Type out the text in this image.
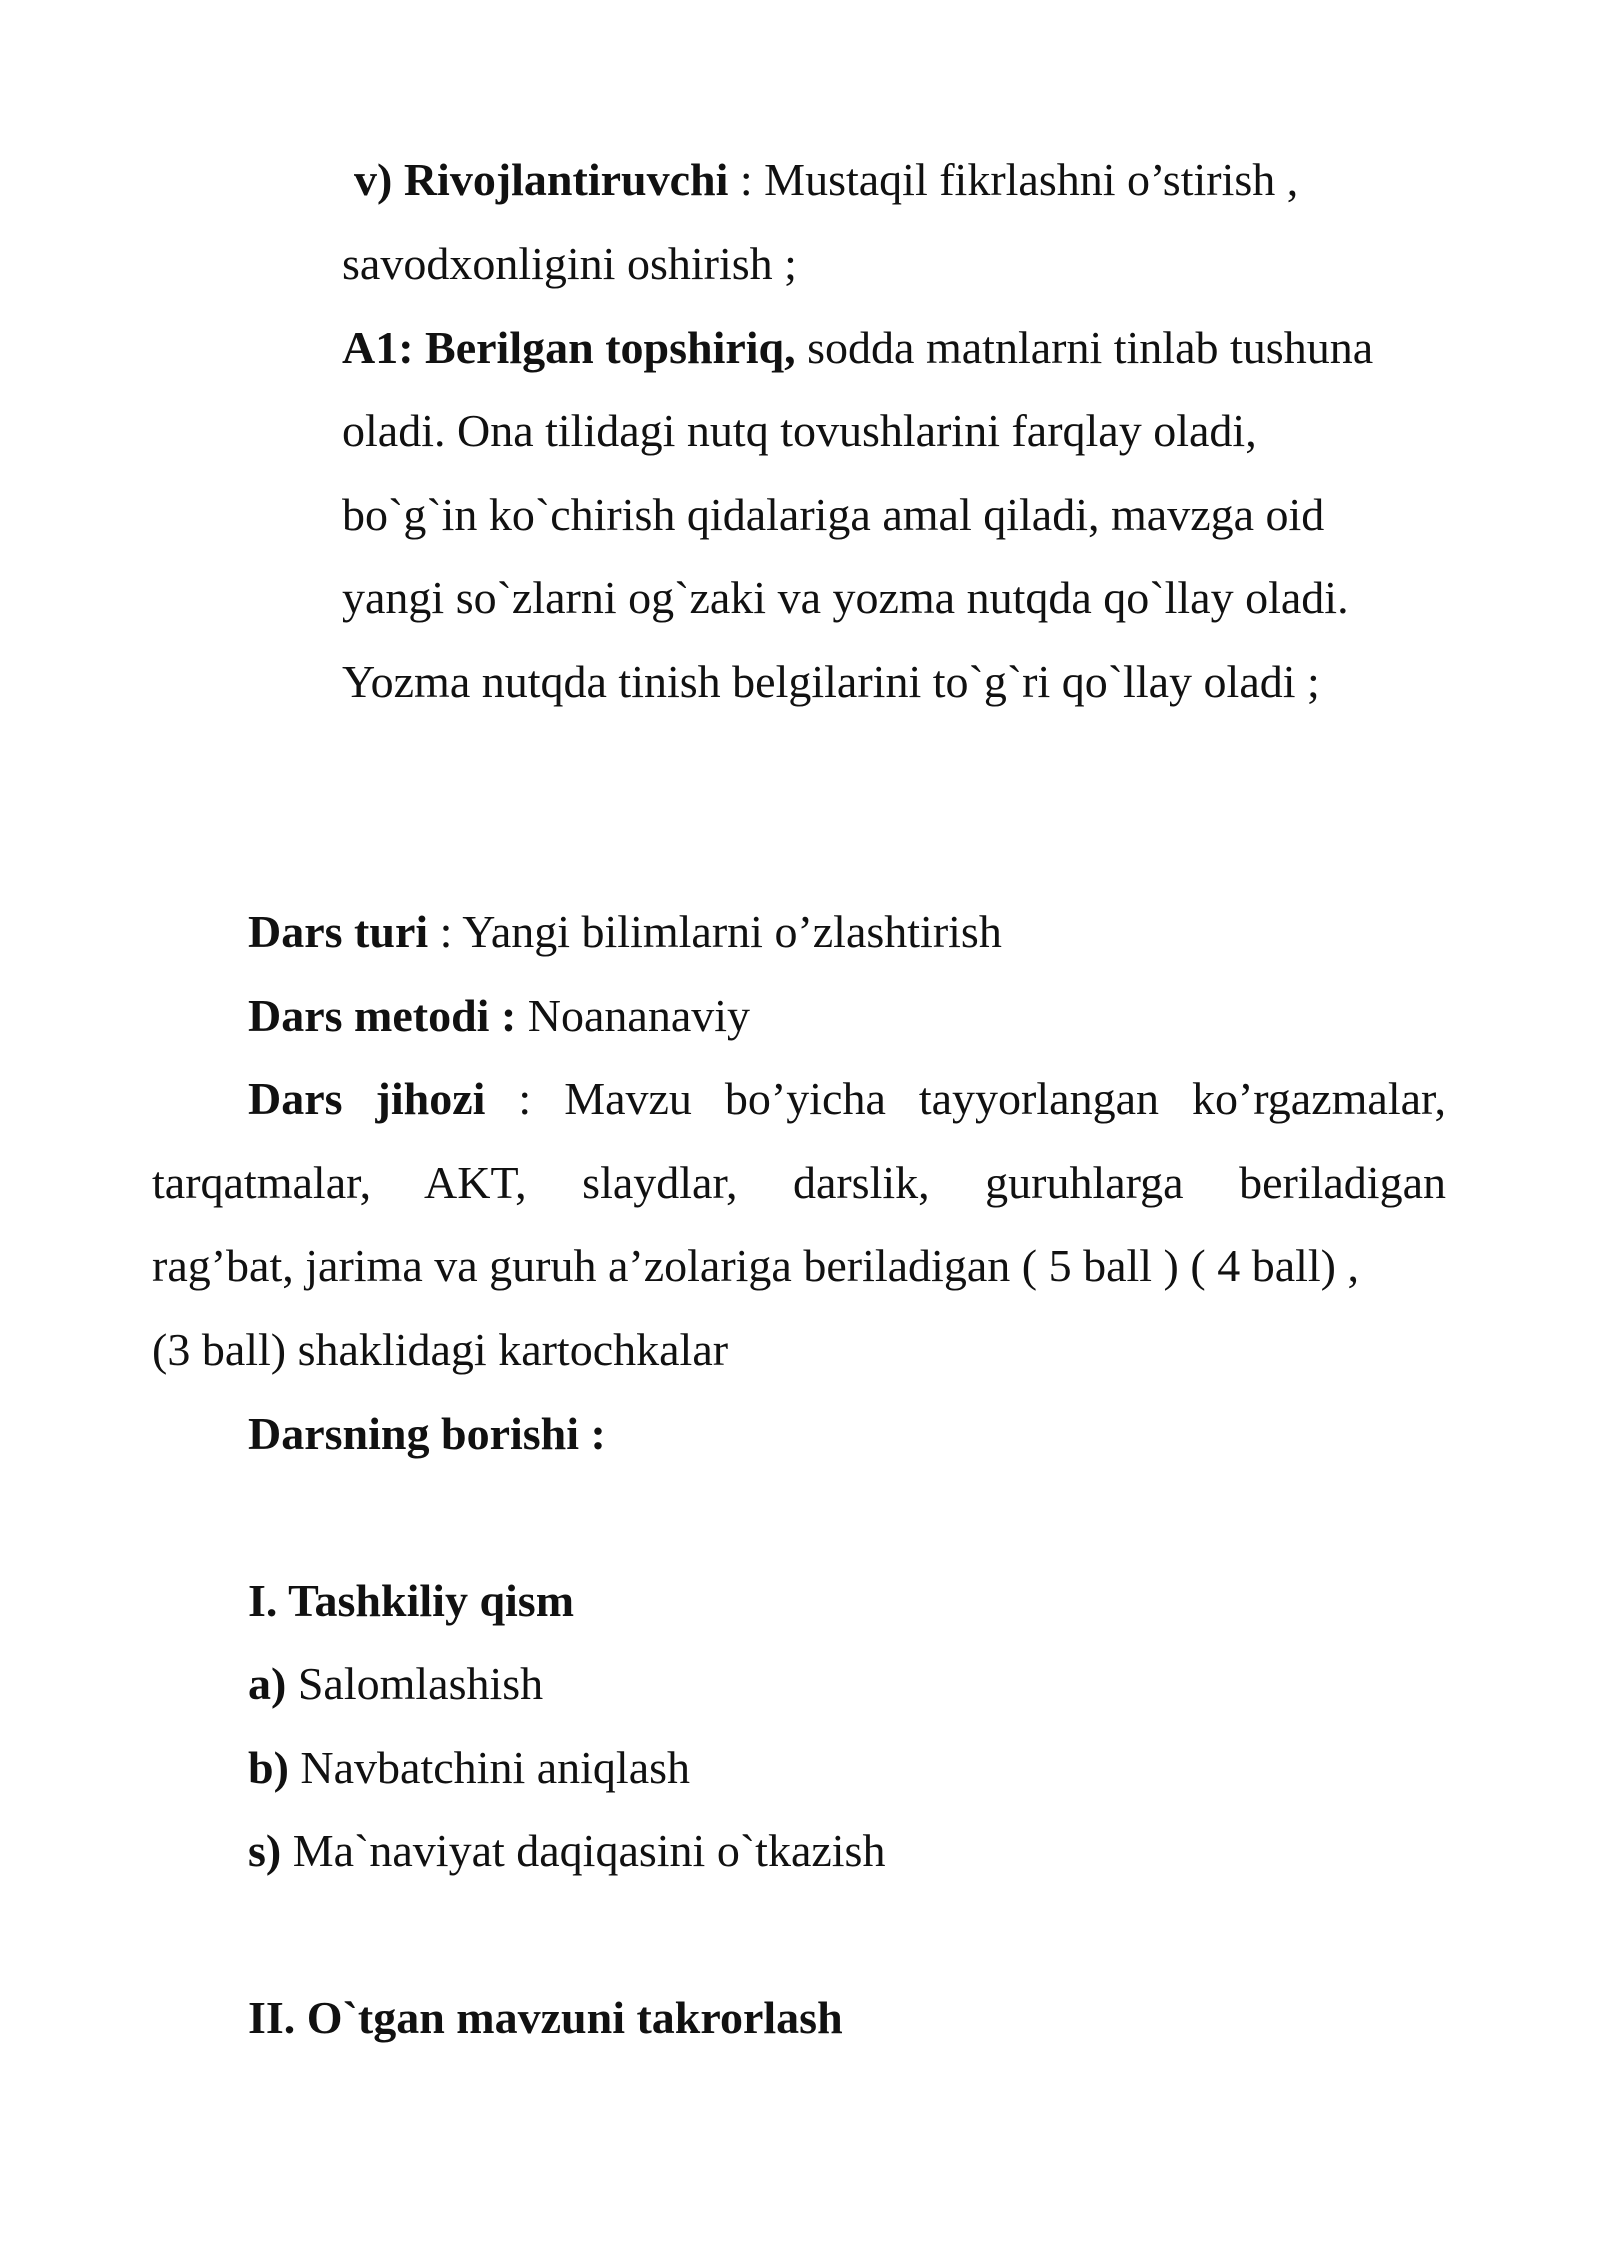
v) Rivojlantiruvchi : Mustaqil fikrlashni o’stirish ,
savodxonligini oshirish ;
A1: Berilgan topshiriq, sodda matnlarni tinlab tushuna
oladi. Ona tilidagi nutq tovushlarini farqlay oladi,
bo`g`in ko`chirish qidalariga amal qiladi, mavzga oid
yangi so`zlarni og`zaki va yozma nutqda qo`llay oladi.
Yozma nutqda tinish belgilarini to`g`ri qo`llay oladi ;
Dars turi : Yangi bilimlarni o’zlashtirish
Dars metodi : Noananaviy
Dars jihozi : Mavzu bo’yicha tayyorlangan ko’rgazmalar,
tarqatmalar, AKT, slaydlar, darslik, guruhlarga beriladigan
rag’bat, jarima va guruh a’zolariga beriladigan ( 5 ball ) ( 4 ball) ,
(3 ball) shaklidagi kartochkalar
Darsning borishi :
I. Tashkiliy qism
a) Salomlashish
b) Navbatchini aniqlash
s) Ma`naviyat daqiqasini o`tkazish
II. O`tgan mavzuni takrorlash
